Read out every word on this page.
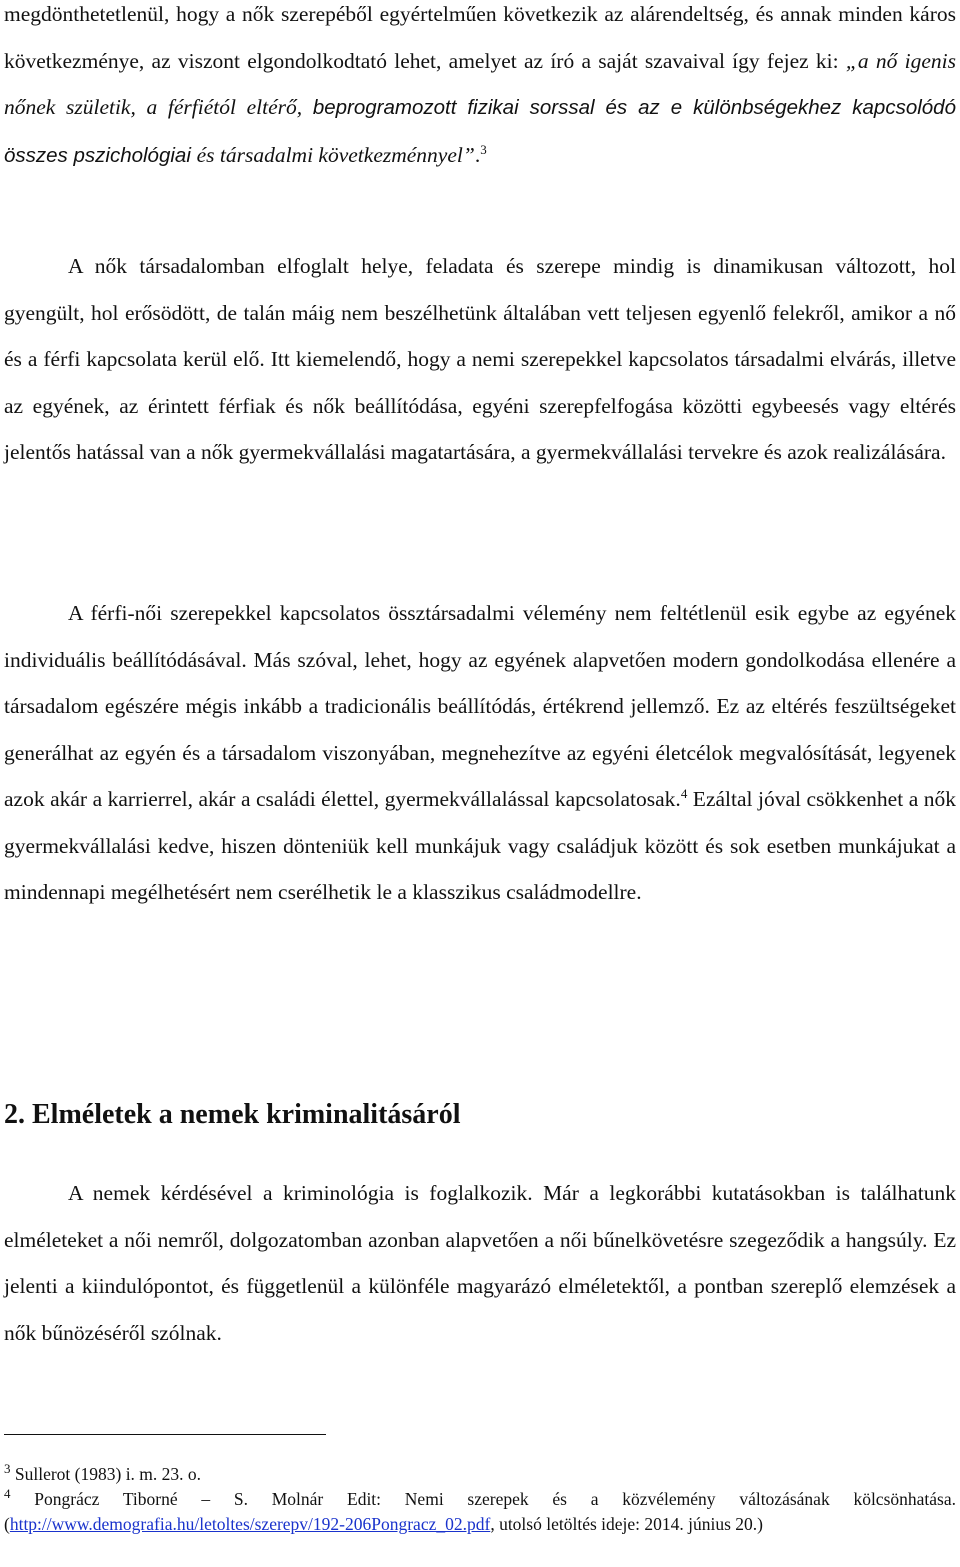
megdönthetetlenül, hogy a nők szerepéből egyértelműen következik az alárendeltség, és annak minden káros következménye, az viszont elgondolkodtató lehet, amelyet az író a saját szavaival így fejez ki: „a nő igenis nőnek születik, a férfiétól eltérő, beprogramozott fizikai sorssal és az e különbségekhez kapcsolódó összes pszichológiai és társadalmi következménnyel”.$^3$

A nők társadalomban elfoglalt helye, feladata és szerepe mindig is dinamikusan változott, hol gyengült, hol erősödött, de talán máig nem beszélhetünk általában vett teljesen egyenlő felekről, amikor a nő és a férfi kapcsolata kerül elő. Itt kiemelendő, hogy a nemi szerepekkel kapcsolatos társadalmi elvárás, illetve az egyének, az érintett férfiak és nők beállítódása, egyéni szerepfelfogása közötti egybeesés vagy eltérés jelentős hatással van a nők gyermekvállalási magatartására, a gyermekvállalási tervekre és azok realizálására.

A férfi-női szerepekkel kapcsolatos össztársadalmi vélemény nem feltétlenül esik egybe az egyének individuális beállítódásával. Más szóval, lehet, hogy az egyének alapvetően modern gondolkodása ellenére a társadalom egészére mégis inkább a tradicionális beállítódás, értékrend jellemző. Ez az eltérés feszültségeket generálhat az egyén és a társadalom viszonyában, megnehezítve az egyéni életcélok megvalósítását, legyenek azok akár a karrierrel, akár a családi élettel, gyermekvállalással kapcsolatosak.$^4$ Ezáltal jóval csökkenhet a nők gyermekvállalási kedve, hiszen dönteniük kell munkájuk vagy családjuk között és sok esetben munkájukat a mindennapi megélhetésért nem cserélhetik le a klasszikus családmodellre.

2. Elméletek a nemek kriminalitásáról

A nemek kérdésével a kriminológia is foglalkozik. Már a legkorábbi kutatásokban is találhatunk elméleteket a női nemről, dolgozatomban azonban alapvetően a női bűnelkövetésre szegeződik a hangsúly. Ez jelenti a kiindulópontot, és függetlenül a különféle magyarázó elméletektől, a pontban szereplő elemzések a nők bűnözéséről szólnak.

$^3$ Sullerot (1983) i. m. 23. o.

$^4$ Pongrácz Tiborné – S. Molnár Edit: Nemi szerepek és a közvélemény változásának kölcsönhatása. (http://www.demografia.hu/letoltes/szerepv/192-206Pongracz_02.pdf, utolsó letöltés ideje: 2014. június 20.)
